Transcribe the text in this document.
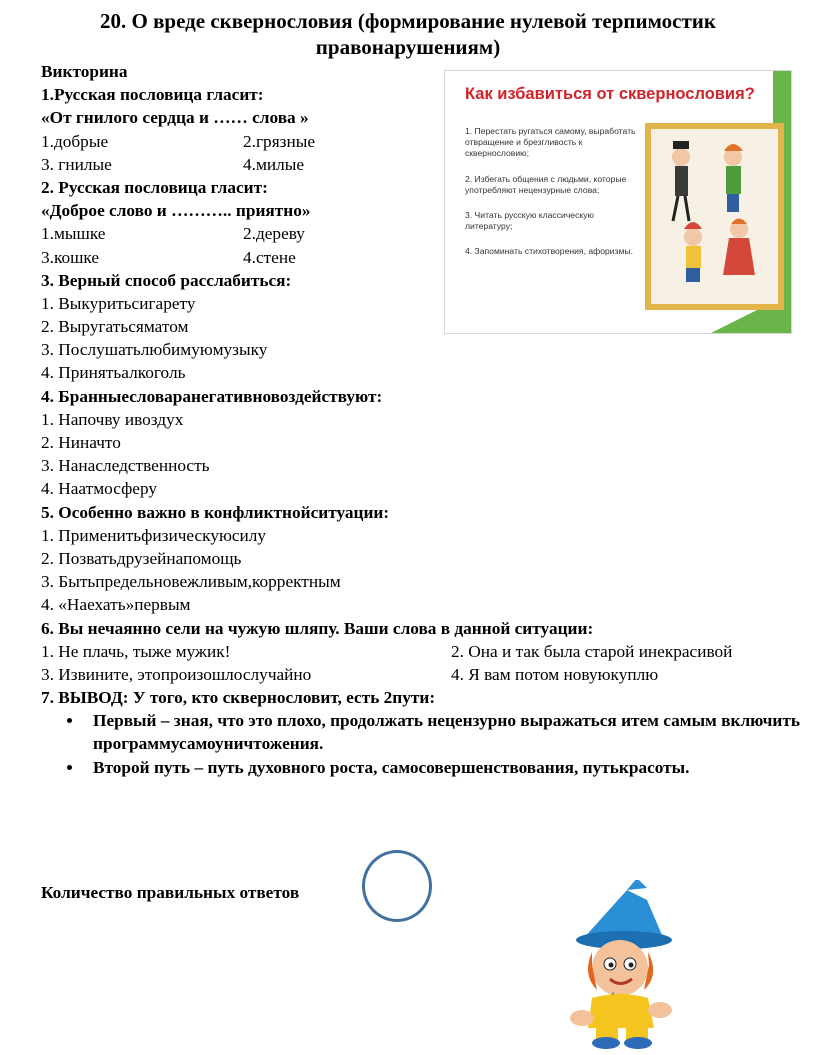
20. О вреде сквернословия (формирование нулевой терпимостик
правонарушениям)
Викторина
1.Русская пословица гласит:
«От гнилого сердца и …… слова »
1.добрые	2.грязные
3. гнилые	4.милые
2. Русская пословица гласит:
«Доброе слово и ……….. приятно»
1.мышке	2.дереву
3.кошке	4.стене
3. Верный способ расслабиться:
1. Выкуритьсигарету
2. Выругатьсяматом
3. Послушатьлюбимуюмузыку
4. Принятьалкоголь
4. Бранныесловаранегативновоздействуют:
1. Напочву ивоздух
2. Ниначто
3. Нанаследственность
4. Наатмосферу
5. Особенно важно в конфликтнойситуации:
1. Применитьфизическуюсилу
2. Позватьдрузейнапомощь
3. Бытьпредельновежливым,корректным
4. «Наехать»первым
6. Вы нечаянно сели на чужую шляпу. Ваши слова в данной ситуации:
1. Не плачь, тыже мужик!	2. Она и так была старой инекрасивой
3. Извините, этопроизошлослучайно	4. Я вам потом новуюкуплю
7. ВЫВОД: У того, кто сквернословит, есть 2пути:
Первый – зная, что это плохо, продолжать нецензурно выражаться итем самым включить программусамоуничтожения.
Второй путь – путь духовного роста, самосовершенствования, путькрасоты.
Количество правильных ответов
Как избавиться от сквернословия?
1. Перестать ругаться самому, выработать отвращение и брезгливость к сквернословию;
2. Избегать общения с людьми, которые употребляют нецензурные слова;
3. Читать русскую классическую литературу;
4. Запоминать стихотворения, афоризмы.
